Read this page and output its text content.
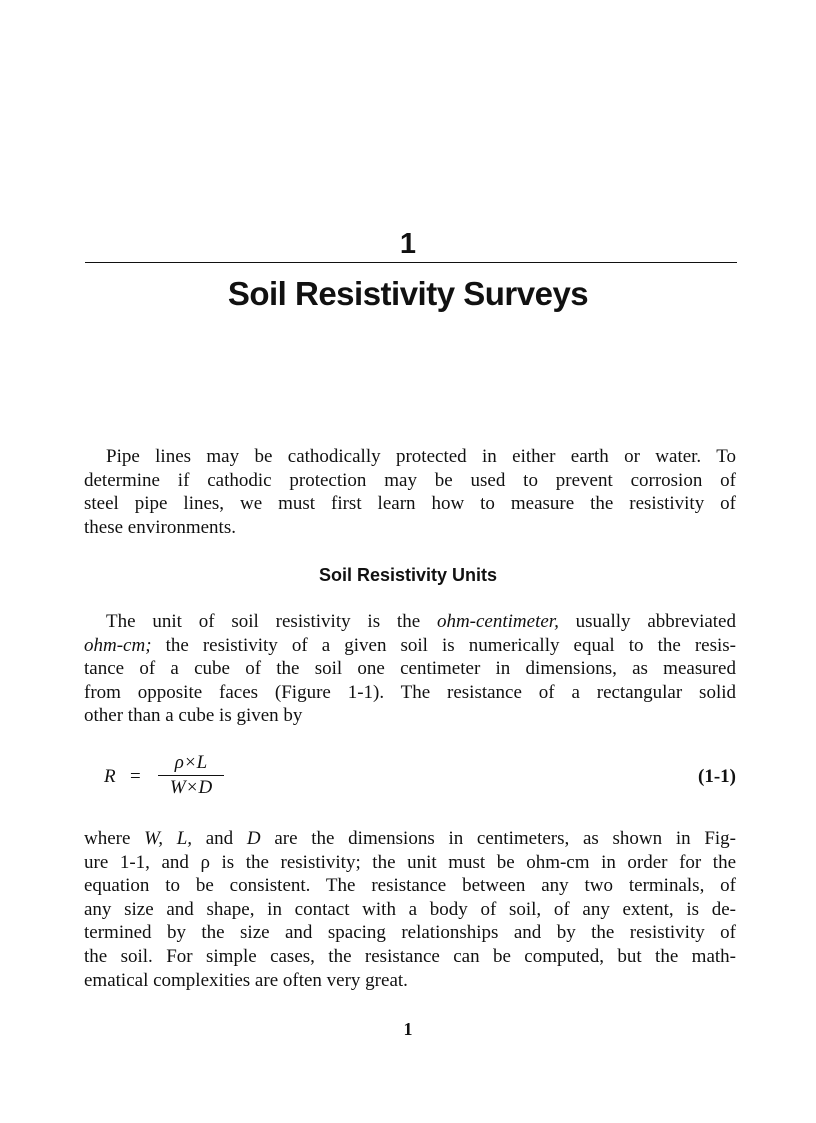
1
Soil Resistivity Surveys

Pipe lines may be cathodically protected in either earth or water. To
determine if cathodic protection may be used to prevent corrosion of
steel pipe lines, we must first learn how to measure the resistivity of
these environments.

Soil Resistivity Units

The unit of soil resistivity is the ohm-centimeter, usually abbreviated
ohm-cm; the resistivity of a given soil is numerically equal to the resis-
tance of a cube of the soil one centimeter in dimensions, as measured
from opposite faces (Figure 1-1). The resistance of a rectangular solid
other than a cube is given by

R =
ρ×L
W×D
(1-1)

where W, L, and D are the dimensions in centimeters, as shown in Fig-
ure 1-1, and ρ is the resistivity; the unit must be ohm-cm in order for the
equation to be consistent. The resistance between any two terminals, of
any size and shape, in contact with a body of soil, of any extent, is de-
termined by the size and spacing relationships and by the resistivity of
the soil. For simple cases, the resistance can be computed, but the math-
ematical complexities are often very great.

1
